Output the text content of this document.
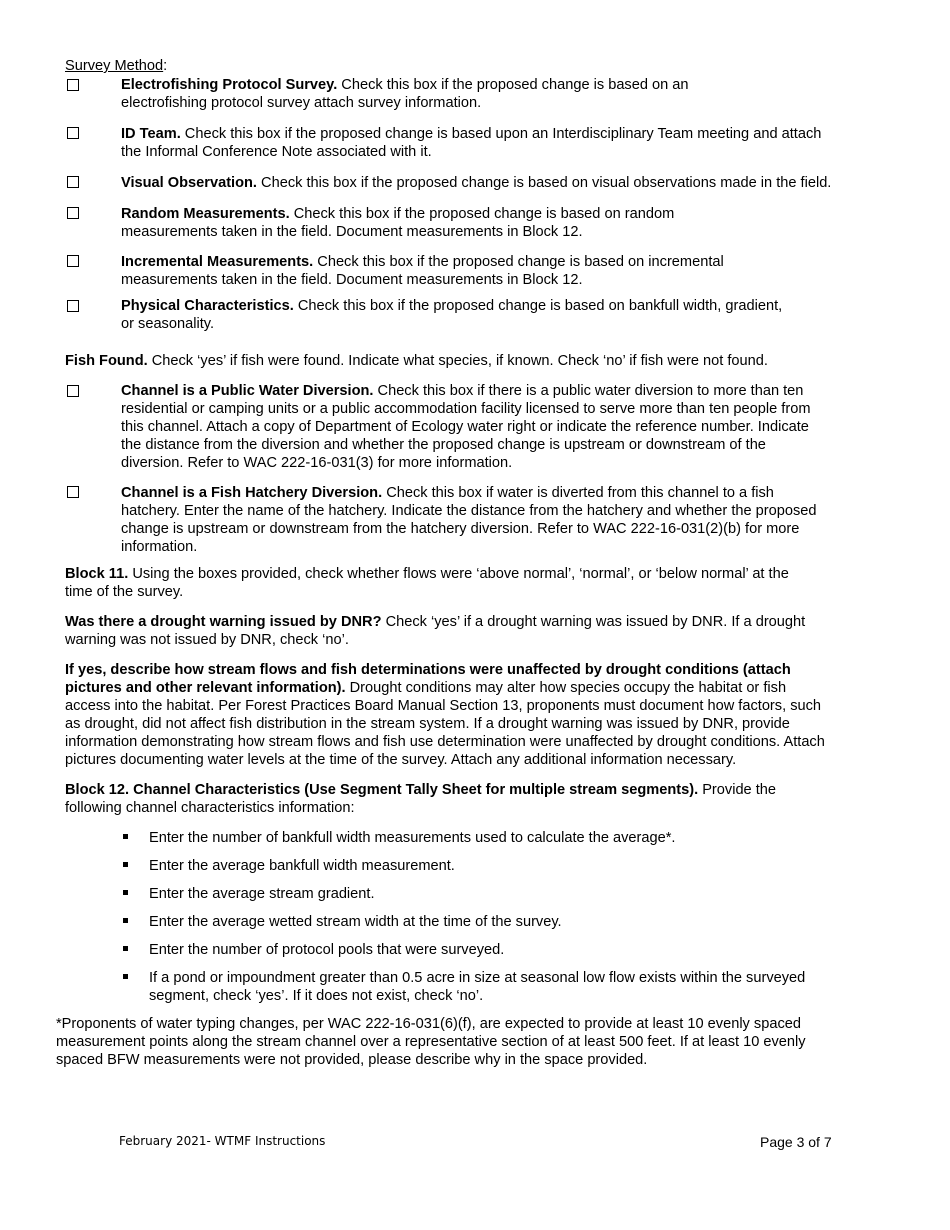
Survey Method:

Electrofishing Protocol Survey. Check this box if the proposed change is based on an
electrofishing protocol survey attach survey information.

ID Team. Check this box if the proposed change is based upon an Interdisciplinary Team meeting and attach
the Informal Conference Note associated with it.

Visual Observation. Check this box if the proposed change is based on visual observations made in the field.

Random Measurements. Check this box if the proposed change is based on random
measurements taken in the field. Document measurements in Block 12.

Incremental Measurements. Check this box if the proposed change is based on incremental
measurements taken in the field. Document measurements in Block 12.

Physical Characteristics. Check this box if the proposed change is based on bankfull width, gradient,
or seasonality.

Fish Found. Check ‘yes’ if fish were found. Indicate what species, if known. Check ‘no’ if fish were not found.

Channel is a Public Water Diversion. Check this box if there is a public water diversion to more than ten
residential or camping units or a public accommodation facility licensed to serve more than ten people from
this channel. Attach a copy of Department of Ecology water right or indicate the reference number. Indicate
the distance from the diversion and whether the proposed change is upstream or downstream of the
diversion. Refer to WAC 222-16-031(3) for more information.

Channel is a Fish Hatchery Diversion. Check this box if water is diverted from this channel to a fish
hatchery. Enter the name of the hatchery. Indicate the distance from the hatchery and whether the proposed
change is upstream or downstream from the hatchery diversion. Refer to WAC 222-16-031(2)(b) for more
information.

Block 11. Using the boxes provided, check whether flows were ‘above normal’, ‘normal’, or ‘below normal’ at the
time of the survey.

Was there a drought warning issued by DNR? Check ‘yes’ if a drought warning was issued by DNR. If a drought
warning was not issued by DNR, check ‘no’.

If yes, describe how stream flows and fish determinations were unaffected by drought conditions (attach
pictures and other relevant information). Drought conditions may alter how species occupy the habitat or fish
access into the habitat. Per Forest Practices Board Manual Section 13, proponents must document how factors, such
as drought, did not affect fish distribution in the stream system. If a drought warning was issued by DNR, provide
information demonstrating how stream flows and fish use determination were unaffected by drought conditions. Attach
pictures documenting water levels at the time of the survey. Attach any additional information necessary.

Block 12. Channel Characteristics (Use Segment Tally Sheet for multiple stream segments). Provide the
following channel characteristics information:

Enter the number of bankfull width measurements used to calculate the average*.

Enter the average bankfull width measurement.

Enter the average stream gradient.

Enter the average wetted stream width at the time of the survey.

Enter the number of protocol pools that were surveyed.

If a pond or impoundment greater than 0.5 acre in size at seasonal low flow exists within the surveyed
segment, check ‘yes’. If it does not exist, check ‘no’.

*Proponents of water typing changes, per WAC 222-16-031(6)(f), are expected to provide at least 10 evenly spaced
measurement points along the stream channel over a representative section of at least 500 feet. If at least 10 evenly
spaced BFW measurements were not provided, please describe why in the space provided.

February 2021- WTMF Instructions	Page 3 of 7
